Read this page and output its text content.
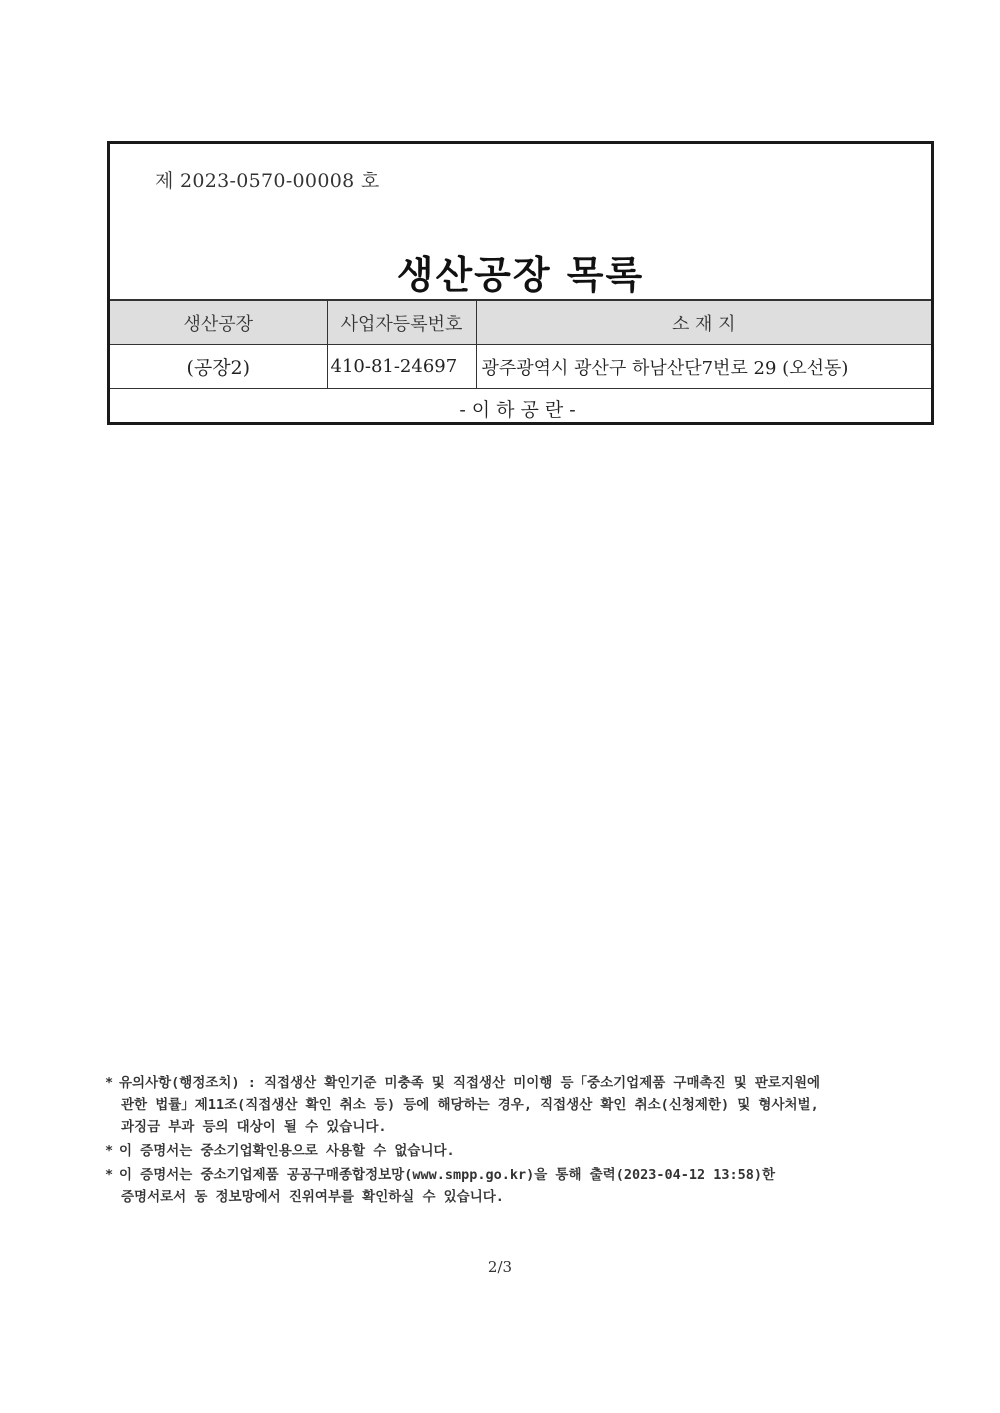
제 2023-0570-00008 호
생산공장 목록
생산공장	사업자등록번호	소 재 지
(공장2)	410-81-24697	광주광역시 광산구 하남산단7번로 29 (오선동)
-이하공란-		
* 유의사항(행정조치) : 직접생산 확인기준 미충족 및 직접생산 미이행 등「중소기업제품 구매촉진 및 판로지원에
관한 법률」제11조(직접생산 확인 취소 등) 등에 해당하는 경우, 직접생산 확인 취소(신청제한) 및 형사처벌,
과징금 부과 등의 대상이 될 수 있습니다.
* 이 증명서는 중소기업확인용으로 사용할 수 없습니다.
* 이 증명서는 중소기업제품 공공구매종합정보망(www.smpp.go.kr)을 통해 출력(2023-04-12 13:58)한
증명서로서 동 정보망에서 진위여부를 확인하실 수 있습니다.
2/3
